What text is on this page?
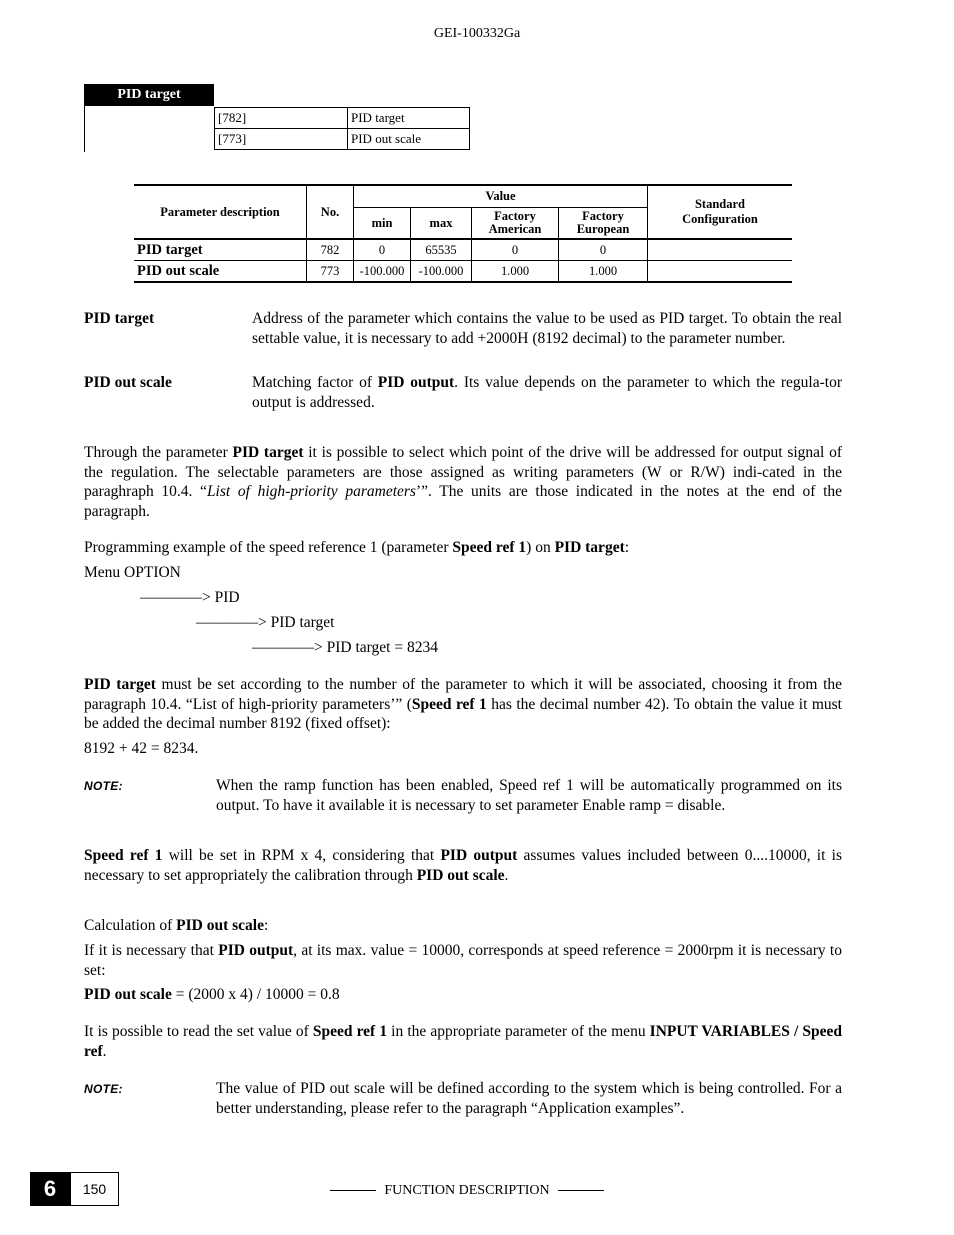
GEI-100332Ga
PID target
[782]	PID target
[773]	PID out scale
Parameter description	No.	Value				Standard
Configuration
		min	max	Factory American	Factory European	
PID target	782	0	65535	0	0	
PID out scale	773	-100.000	-100.000	1.000	1.000	
PID target	Address of the parameter which contains the value to be used as PID target. To obtain the real settable value, it is necessary to add +2000H (8192 decimal) to the parameter number.
PID out scale	Matching factor of PID output. Its value depends on the parameter to which the regula-tor output is addressed.
Through the parameter PID target it is possible to select which point of the drive will be addressed for output signal of the regulation. The selectable parameters are those assigned as writing parameters (W or R/W) indi-cated in the paraghraph 10.4. “List of high-priority parameters’”. The units are those indicated in the notes at the end of the paragraph.
Programming example of the speed reference 1 (parameter Speed ref 1) on PID target:
Menu OPTION
————> PID
————> PID target
————> PID target = 8234
PID target must be set according to the number of the parameter to which it will be associated, choosing it from the paragraph 10.4. “List of high-priority parameters’” (Speed ref 1 has the decimal number 42). To obtain the value it must be added the decimal number 8192 (fixed offset):
8192 + 42 = 8234.
NOTE:	When the ramp function has been enabled, Speed ref 1 will be automatically programmed on its output. To have it available it is necessary to set parameter Enable ramp = disable.
Speed ref 1 will be set in RPM x 4, considering that PID output assumes values included between 0....10000, it is necessary to set appropriately the calibration through PID out scale.
Calculation of PID out scale:
If it is necessary that PID output, at its max. value = 10000, corresponds at speed reference = 2000rpm it is necessary to set:
PID out scale = (2000 x 4) / 10000 = 0.8
It is possible to read the set value of Speed ref 1 in the appropriate parameter of the menu INPUT VARIABLES / Speed ref.
NOTE:	The value of PID out scale will be defined according to the system which is being controlled. For a better understanding, please refer to the paragraph “Application examples”.
6	150	FUNCTION DESCRIPTION
